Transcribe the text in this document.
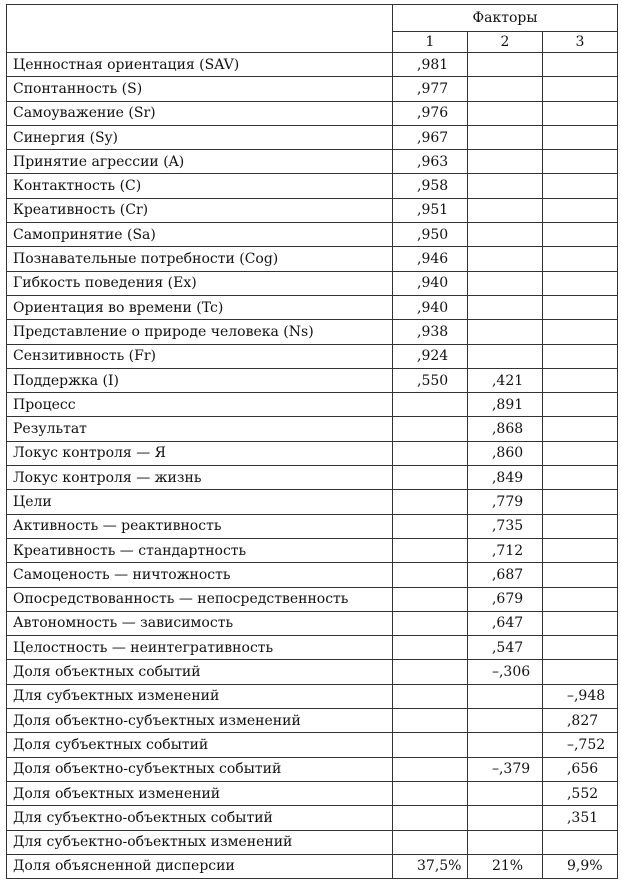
	Факторы		
	1	2	3
Ценностная ориентация (SAV)	,981		
Спонтанность (S)	,977		
Самоуважение (Sr)	,976		
Синергия (Sy)	,967		
Принятие агрессии (A)	,963		
Контактность (C)	,958		
Креативность (Cr)	,951		
Самопринятие (Sa)	,950		
Познавательные потребности (Cog)	,946		
Гибкость поведения (Ex)	,940		
Ориентация во времени (Tc)	,940		
Представление о природе человека (Ns)	,938		
Сензитивность (Fr)	,924		
Поддержка (I)	,550	,421	
Процесс		,891	
Результат		,868	
Локус контроля — Я		,860	
Локус контроля — жизнь		,849	
Цели		,779	
Активность — реактивность		,735	
Креативность — стандартность		,712	
Самоценость — ничтожность		,687	
Опосредствованность — непосредственность		,679	
Автономность — зависимость		,647	
Целостность — неинтегративность		,547	
Доля объектных событий		–,306	
Для субъектных изменений			–,948
Доля объектно-субъектных изменений			,827
Доля субъектных событий			–,752
Доля объектно-субъектных событий		–,379	,656
Доля объектных изменений			,552
Для субъектно-объектных событий			,351
Для субъектно-объектных изменений			
Доля объясненной дисперсии	37,5%	21%	9,9%
